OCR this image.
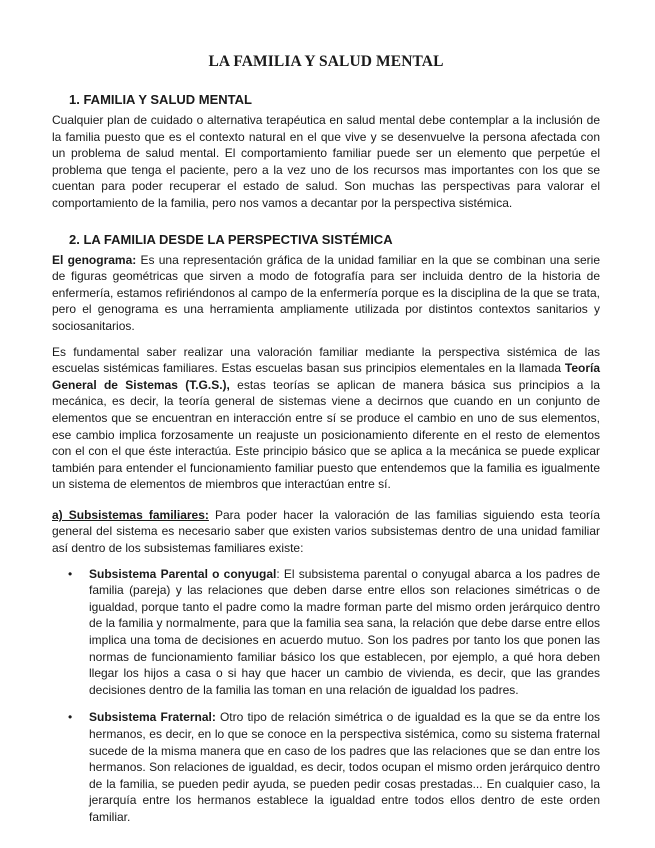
LA FAMILIA Y SALUD MENTAL
1. FAMILIA Y SALUD MENTAL

Cualquier plan de cuidado o alternativa terapéutica en salud mental debe contemplar a la inclusión de la familia puesto que es el contexto natural en el que vive y se desenvuelve la persona afectada con un problema de salud mental. El comportamiento familiar puede ser un elemento que perpetúe el problema que tenga el paciente, pero a la vez uno de los recursos mas importantes con los que se cuentan para poder recuperar el estado de salud. Son muchas las perspectivas para valorar el comportamiento de la familia, pero nos vamos a decantar por la perspectiva sistémica.

2. LA FAMILIA DESDE LA PERSPECTIVA SISTÉMICA

El genograma: Es una representación gráfica de la unidad familiar en la que se combinan una serie de figuras geométricas que sirven a modo de fotografía para ser incluida dentro de la historia de enfermería, estamos refiriéndonos al campo de la enfermería porque es la disciplina de la que se trata, pero el genograma es una herramienta ampliamente utilizada por distintos contextos sanitarios y sociosanitarios.

Es fundamental saber realizar una valoración familiar mediante la perspectiva sistémica de las escuelas sistémicas familiares. Estas escuelas basan sus principios elementales en la llamada Teoría General de Sistemas (T.G.S.), estas teorías se aplican de manera básica sus principios a la mecánica, es decir, la teoría general de sistemas viene a decirnos que cuando en un conjunto de elementos que se encuentran en interacción entre sí se produce el cambio en uno de sus elementos, ese cambio implica forzosamente un reajuste un posicionamiento diferente en el resto de elementos con el con el que éste interactúa. Este principio básico que se aplica a la mecánica se puede explicar también para entender el funcionamiento familiar puesto que entendemos que la familia es igualmente un sistema de elementos de miembros que interactúan entre sí.

a) Subsistemas familiares: Para poder hacer la valoración de las familias siguiendo esta teoría general del sistema es necesario saber que existen varios subsistemas dentro de una unidad familiar así dentro de los subsistemas familiares existe:

• Subsistema Parental o conyugal: El subsistema parental o conyugal abarca a los padres de familia (pareja) y las relaciones que deben darse entre ellos son relaciones simétricas o de igualdad, porque tanto el padre como la madre forman parte del mismo orden jerárquico dentro de la familia y normalmente, para que la familia sea sana, la relación que debe darse entre ellos implica una toma de decisiones en acuerdo mutuo. Son los padres por tanto los que ponen las normas de funcionamiento familiar básico los que establecen, por ejemplo, a qué hora deben llegar los hijos a casa o si hay que hacer un cambio de vivienda, es decir, que las grandes decisiones dentro de la familia las toman en una relación de igualdad los padres.
• Subsistema Fraternal: Otro tipo de relación simétrica o de igualdad es la que se da entre los hermanos, es decir, en lo que se conoce en la perspectiva sistémica, como su sistema fraternal sucede de la misma manera que en caso de los padres que las relaciones que se dan entre los hermanos. Son relaciones de igualdad, es decir, todos ocupan el mismo orden jerárquico dentro de la familia, se pueden pedir ayuda, se pueden pedir cosas prestadas... En cualquier caso, la jerarquía entre los hermanos establece la igualdad entre todos ellos dentro de este orden familiar.
